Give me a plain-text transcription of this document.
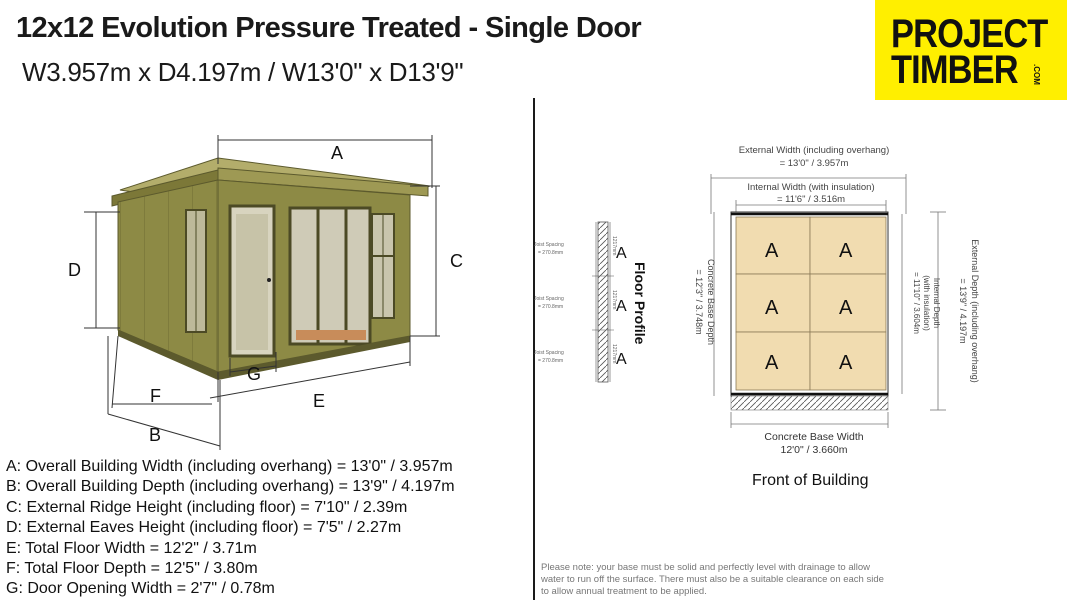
12x12 Evolution Pressure Treated - Single Door
W3.957m x D4.197m / W13'0" x D13'9"
PROJECT
TIMBER .COM
A
B
C
D
E
F
G
Joist Spacing
= 270.8mm
Joist Spacing
= 270.8mm
Joist Spacing
= 270.8mm
1217mm
1217mm
1217mm
A
A
A
Floor Profile
A	A
A	A
A	A
External Width (including overhang)
= 13'0" / 3.957m
Internal Width (with insulation)
= 11'6" / 3.516m
Concrete Base Width
12'0" / 3.660m
Concrete Base Depth
= 12'3" / 3.748m	Internal Depth
(with insulation)
= 11'10" / 3.604m	External Depth (including overhang)
= 13'9" / 4.197m
Front of Building
A: Overall Building Width (including overhang) = 13'0" / 3.957m
B: Overall Building Depth (including overhang) = 13'9" / 4.197m
C: External Ridge Height (including floor) = 7'10" / 2.39m
D: External Eaves Height (including floor) = 7'5" / 2.27m
E: Total Floor Width = 12'2" / 3.71m
F: Total Floor Depth = 12'5" / 3.80m
G: Door Opening Width = 2'7" / 0.78m
Please note: your base must be solid and perfectly level with drainage to allow
water to run off the surface. There must also be a suitable clearance on each side
to allow annual treatment to be applied.
